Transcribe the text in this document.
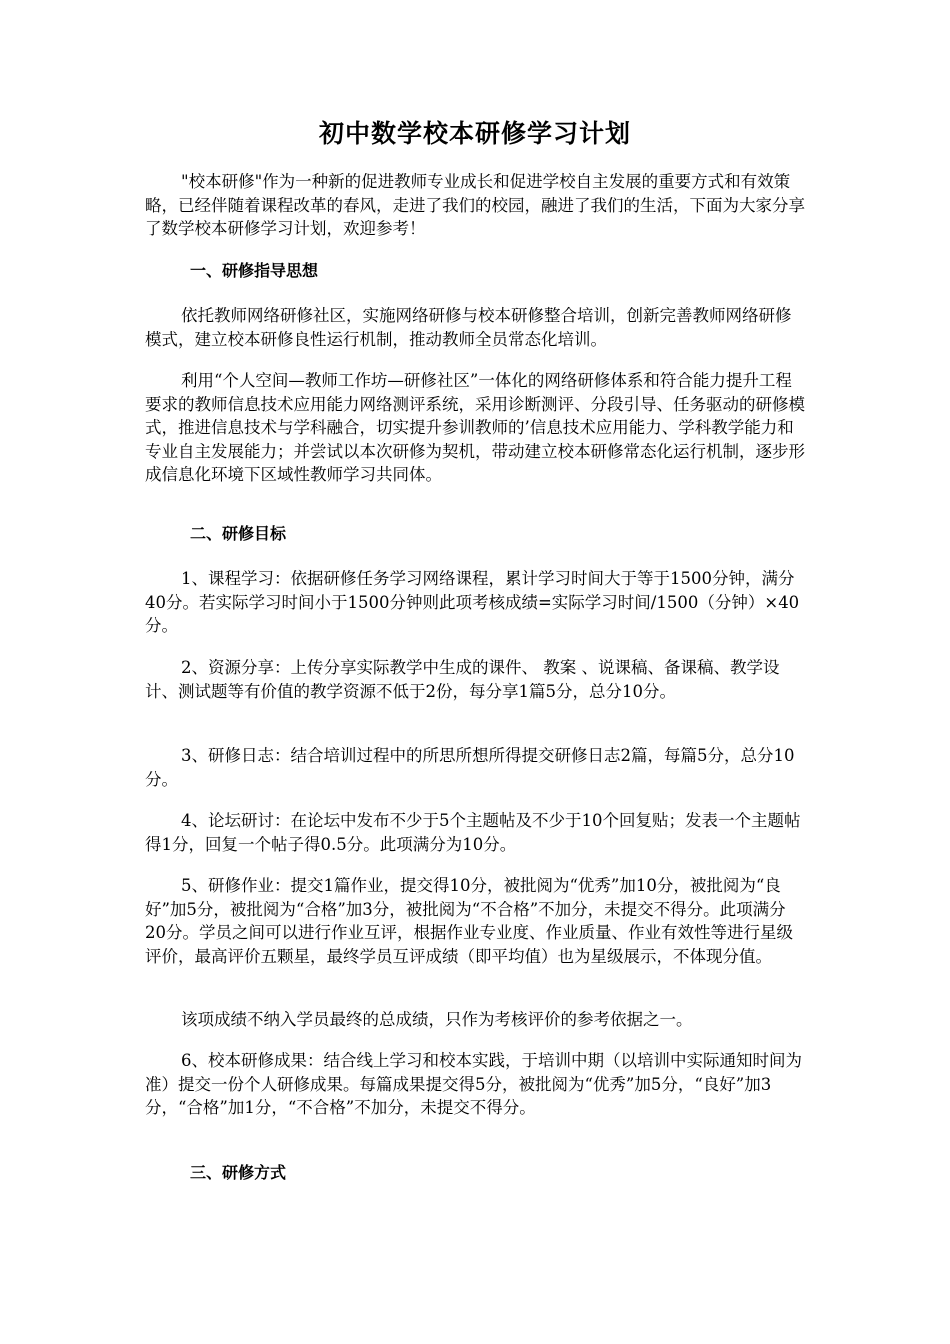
初中数学校本研修学习计划

"校本研修"作为一种新的促进教师专业成长和促进学校自主发展的重要方式和有效策略，已经伴随着课程改革的春风，走进了我们的校园，融进了我们的生活，下面为大家分享了数学校本研修学习计划，欢迎参考！

一、研修指导思想

依托教师网络研修社区，实施网络研修与校本研修整合培训，创新完善教师网络研修模式，建立校本研修良性运行机制，推动教师全员常态化培训。

利用“个人空间—教师工作坊—研修社区”一体化的网络研修体系和符合能力提升工程要求的教师信息技术应用能力网络测评系统，采用诊断测评、分段引导、任务驱动的研修模式，推进信息技术与学科融合，切实提升参训教师的’信息技术应用能力、学科教学能力和专业自主发展能力；并尝试以本次研修为契机，带动建立校本研修常态化运行机制，逐步形成信息化环境下区域性教师学习共同体。

二、研修目标

1、课程学习：依据研修任务学习网络课程，累计学习时间大于等于1500分钟，满分40分。若实际学习时间小于1500分钟则此项考核成绩=实际学习时间/1500（分钟）×40分。

2、资源分享：上传分享实际教学中生成的课件、 教案 、说课稿、备课稿、教学设计、测试题等有价值的教学资源不低于2份，每分享1篇5分，总分10分。

3、研修日志：结合培训过程中的所思所想所得提交研修日志2篇，每篇5分，总分10分。

4、论坛研讨：在论坛中发布不少于5个主题帖及不少于10个回复贴；发表一个主题帖得1分，回复一个帖子得0.5分。此项满分为10分。

5、研修作业：提交1篇作业，提交得10分，被批阅为“优秀”加10分，被批阅为“良好”加5分，被批阅为“合格”加3分，被批阅为“不合格”不加分，未提交不得分。此项满分20分。学员之间可以进行作业互评，根据作业专业度、作业质量、作业有效性等进行星级评价，最高评价五颗星，最终学员互评成绩（即平均值）也为星级展示，不体现分值。

该项成绩不纳入学员最终的总成绩，只作为考核评价的参考依据之一。

6、校本研修成果：结合线上学习和校本实践，于培训中期（以培训中实际通知时间为准）提交一份个人研修成果。每篇成果提交得5分，被批阅为“优秀”加5分，“良好”加3分，“合格”加1分，“不合格”不加分，未提交不得分。

三、研修方式
